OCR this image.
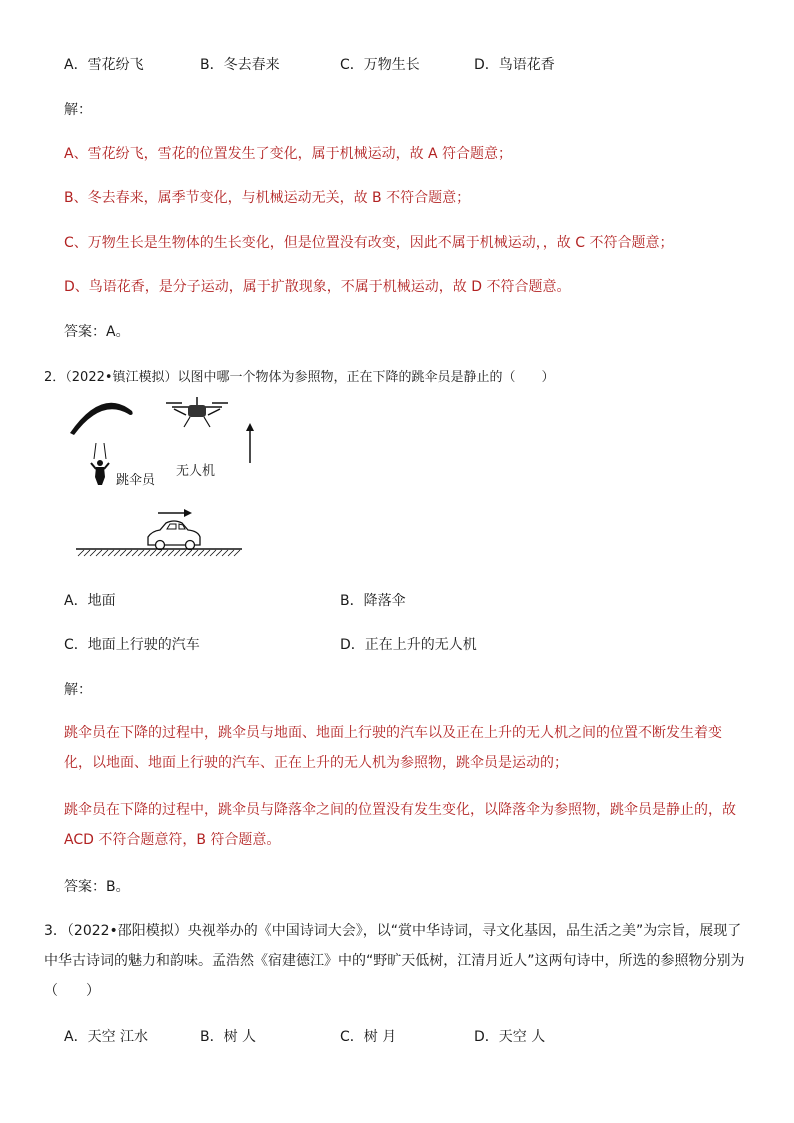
A．雪花纷飞	B．冬去春来	C．万物生长	D．鸟语花香
解：
A、雪花纷飞，雪花的位置发生了变化，属于机械运动，故 A 符合题意；
B、冬去春来，属季节变化，与机械运动无关，故 B 不符合题意；
C、万物生长是生物体的生长变化，但是位置没有改变，因此不属于机械运动，，故 C 不符合题意；
D、鸟语花香，是分子运动，属于扩散现象，不属于机械运动，故 D 不符合题意。
答案：A。
2．（2022•镇江模拟）以图中哪一个物体为参照物，正在下降的跳伞员是静止的（　　）
跳伞员
无人机
A．地面	B．降落伞
C．地面上行驶的汽车	D．正在上升的无人机
解：
跳伞员在下降的过程中，跳伞员与地面、地面上行驶的汽车以及正在上升的无人机之间的位置不断发生着变化，以地面、地面上行驶的汽车、正在上升的无人机为参照物，跳伞员是运动的；
跳伞员在下降的过程中，跳伞员与降落伞之间的位置没有发生变化，以降落伞为参照物，跳伞员是静止的，故 ACD 不符合题意符，B 符合题意。
答案：B。
3．（2022•邵阳模拟）央视举办的《中国诗词大会》，以“赏中华诗词，寻文化基因，品生活之美”为宗旨，展现了中华古诗词的魅力和韵味。孟浩然《宿建德江》中的“野旷天低树，江清月近人”这两句诗中，所选的参照物分别为（　　）
A．天空 江水	B．树 人	C．树 月	D．天空 人
